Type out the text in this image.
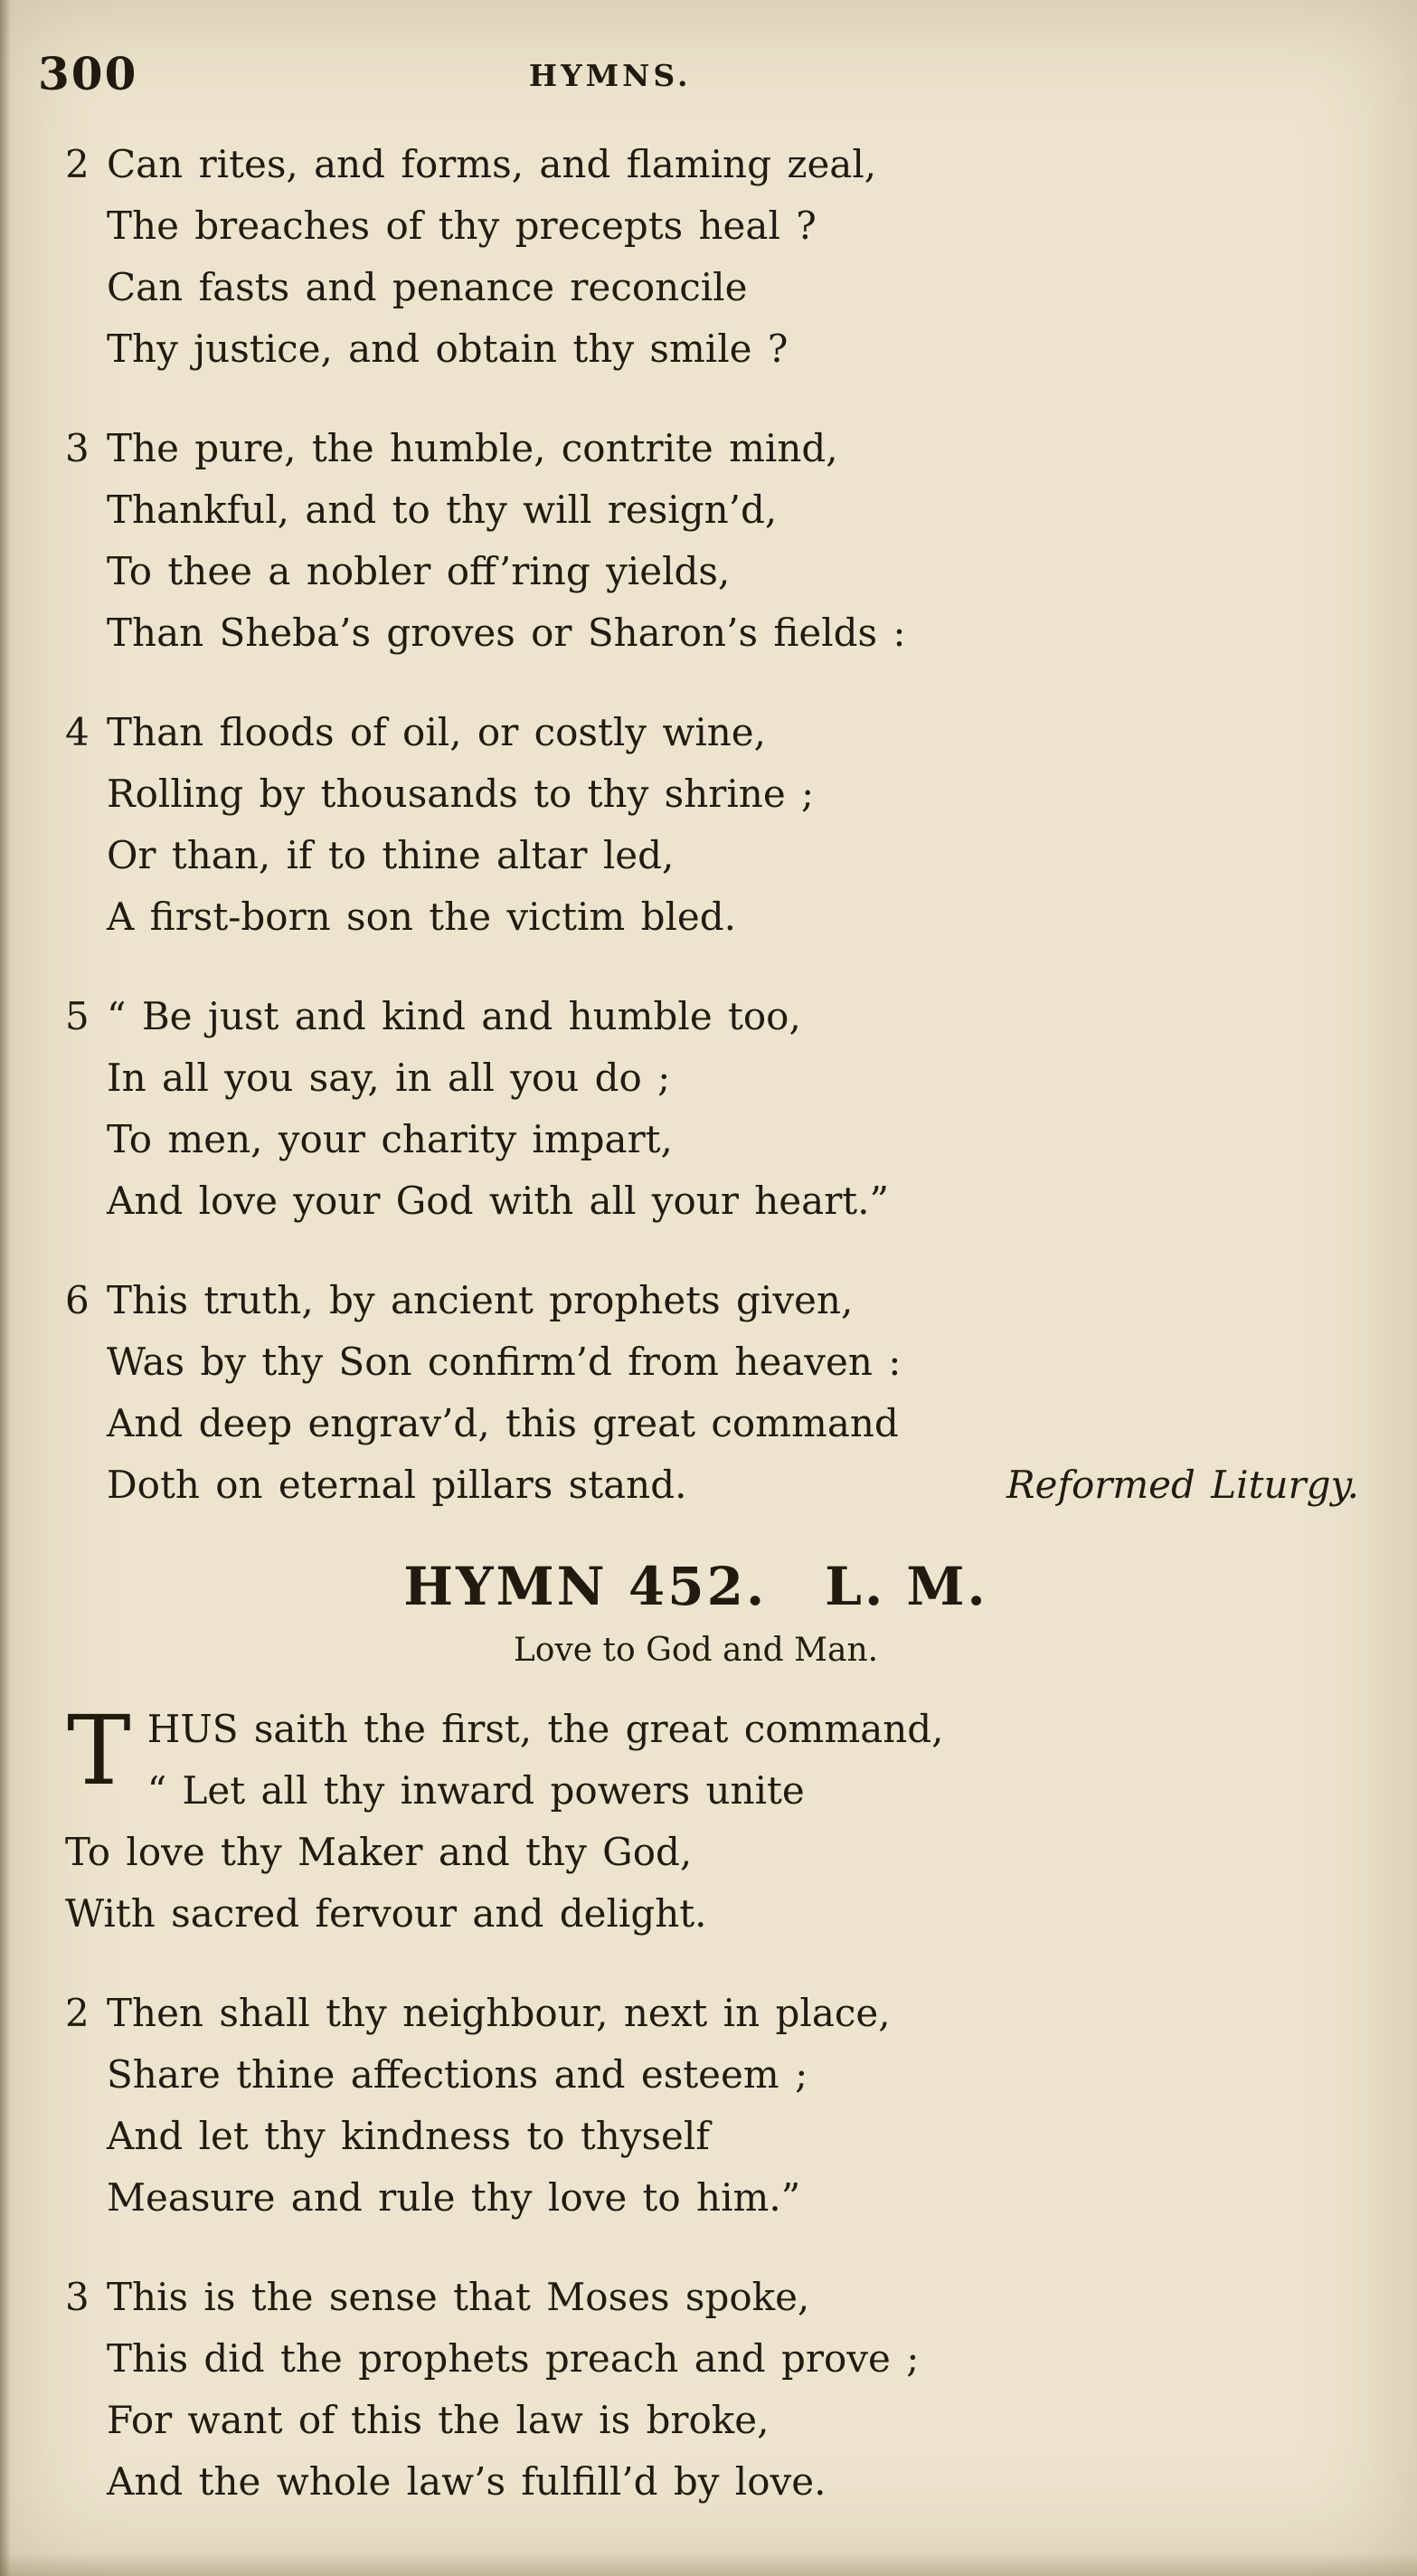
300	HYMNS.
2 Can rites, and forms, and flaming zeal,
The breaches of thy precepts heal ?
Can fasts and penance reconcile
Thy justice, and obtain thy smile ?
3 The pure, the humble, contrite mind,
Thankful, and to thy will resign’d,
To thee a nobler off’ring yields,
Than Sheba’s groves or Sharon’s fields :
4 Than floods of oil, or costly wine,
Rolling by thousands to thy shrine ;
Or than, if to thine altar led,
A first-born son the victim bled.
5 “ Be just and kind and humble too,
In all you say, in all you do ;
To men, your charity impart,
And love your God with all your heart.”
6 This truth, by ancient prophets given,
Was by thy Son confirm’d from heaven :
And deep engrav’d, this great command
Doth on eternal pillars stand.	Reformed Liturgy.
HYMN 452. L. M.
Love to God and Man.
T HUS saith the first, the great command,
“ Let all thy inward powers unite
To love thy Maker and thy God,
With sacred fervour and delight.
2 Then shall thy neighbour, next in place,
Share thine affections and esteem ;
And let thy kindness to thyself
Measure and rule thy love to him.”
3 This is the sense that Moses spoke,
This did the prophets preach and prove ;
For want of this the law is broke,
And the whole law’s fulfill’d by love.
